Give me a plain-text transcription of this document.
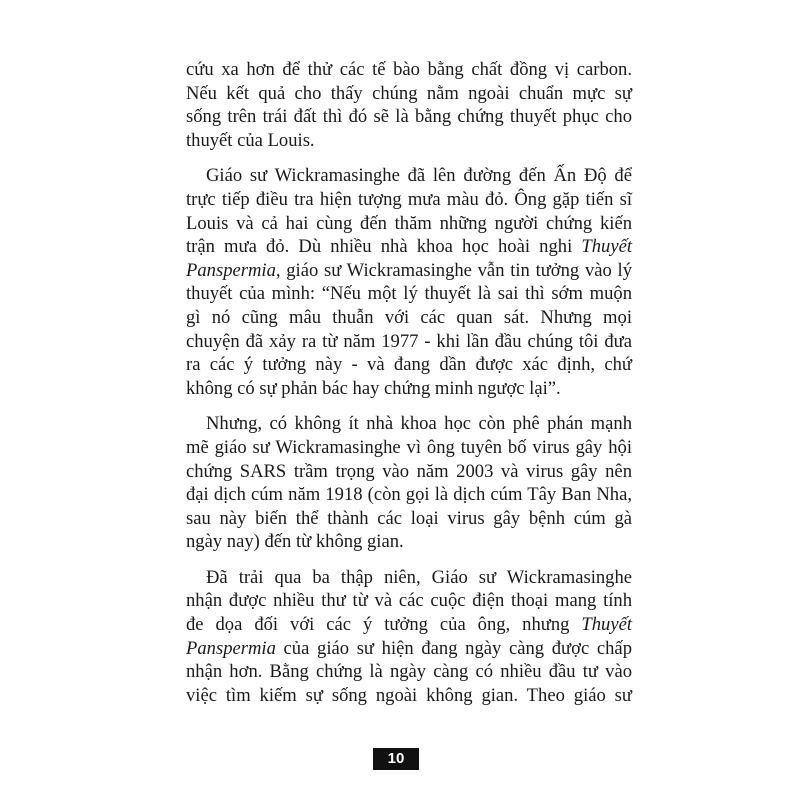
cứu xa hơn để thử các tế bào bằng chất đồng vị carbon.
Nếu kết quả cho thấy chúng nằm ngoài chuẩn mực sự
sống trên trái đất thì đó sẽ là bằng chứng thuyết phục cho
thuyết của Louis.
Giáo sư Wickramasinghe đã lên đường đến Ấn Độ để
trực tiếp điều tra hiện tượng mưa màu đỏ. Ông gặp tiến sĩ
Louis và cả hai cùng đến thăm những người chứng kiến
trận mưa đỏ. Dù nhiều nhà khoa học hoài nghi Thuyết
Panspermia, giáo sư Wickramasinghe vẫn tin tưởng vào lý
thuyết của mình: “Nếu một lý thuyết là sai thì sớm muộn
gì nó cũng mâu thuẫn với các quan sát. Nhưng mọi
chuyện đã xảy ra từ năm 1977 - khi lần đầu chúng tôi đưa
ra các ý tưởng này - và đang dần được xác định, chứ
không có sự phản bác hay chứng minh ngược lại”.
Nhưng, có không ít nhà khoa học còn phê phán mạnh
mẽ giáo sư Wickramasinghe vì ông tuyên bố virus gây hội
chứng SARS trầm trọng vào năm 2003 và virus gây nên
đại dịch cúm năm 1918 (còn gọi là dịch cúm Tây Ban Nha,
sau này biến thể thành các loại virus gây bệnh cúm gà
ngày nay) đến từ không gian.
Đã trải qua ba thập niên, Giáo sư Wickramasinghe
nhận được nhiều thư từ và các cuộc điện thoại mang tính
đe dọa đối với các ý tưởng của ông, nhưng Thuyết
Panspermia của giáo sư hiện đang ngày càng được chấp
nhận hơn. Bằng chứng là ngày càng có nhiều đầu tư vào
việc tìm kiếm sự sống ngoài không gian. Theo giáo sư
10
